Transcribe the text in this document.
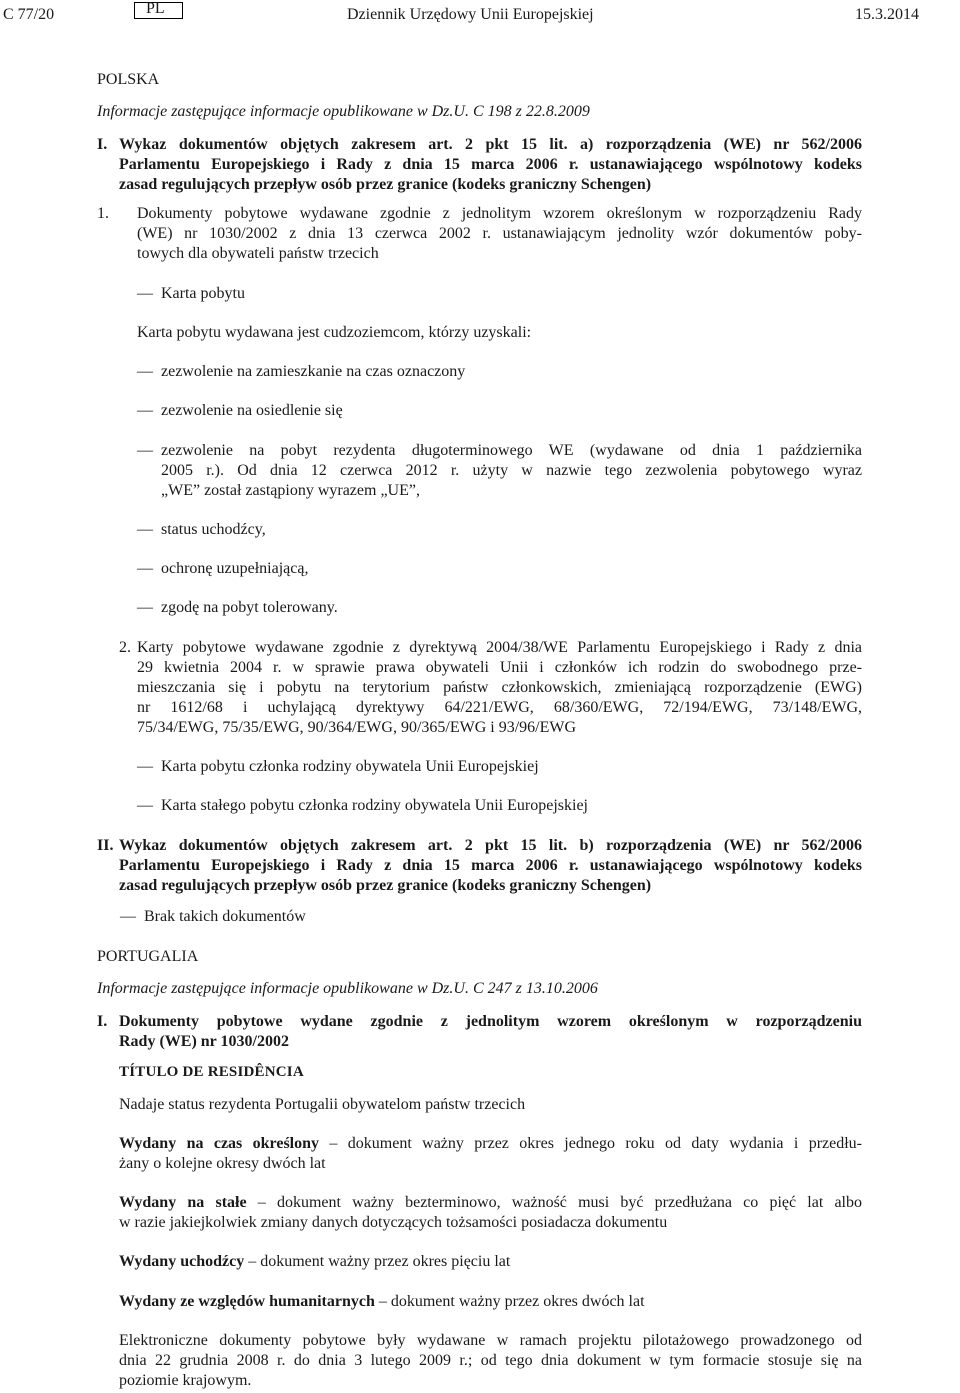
C 77/20	PL	Dziennik Urzędowy Unii Europejskiej	15.3.2014
POLSKA
Informacje zastępujące informacje opublikowane w Dz.U. C 198 z 22.8.2009
I. Wykaz dokumentów objętych zakresem art. 2 pkt 15 lit. a) rozporządzenia (WE) nr 562/2006
Parlamentu Europejskiego i Rady z dnia 15 marca 2006 r. ustanawiającego wspólnotowy kodeks
zasad regulujących przepływ osób przez granice (kodeks graniczny Schengen)
1. Dokumenty pobytowe wydawane zgodnie z jednolitym wzorem określonym w rozporządzeniu Rady
(WE) nr 1030/2002 z dnia 13 czerwca 2002 r. ustanawiającym jednolity wzór dokumentów poby-
towych dla obywateli państw trzecich
— Karta pobytu
Karta pobytu wydawana jest cudzoziemcom, którzy uzyskali:
— zezwolenie na zamieszkanie na czas oznaczony
— zezwolenie na osiedlenie się
— zezwolenie na pobyt rezydenta długoterminowego WE (wydawane od dnia 1 października
2005 r.). Od dnia 12 czerwca 2012 r. użyty w nazwie tego zezwolenia pobytowego wyraz
„WE” został zastąpiony wyrazem „UE”,
— status uchodźcy,
— ochronę uzupełniającą,
— zgodę na pobyt tolerowany.
2. Karty pobytowe wydawane zgodnie z dyrektywą 2004/38/WE Parlamentu Europejskiego i Rady z dnia
29 kwietnia 2004 r. w sprawie prawa obywateli Unii i członków ich rodzin do swobodnego prze-
mieszczania się i pobytu na terytorium państw członkowskich, zmieniającą rozporządzenie (EWG)
nr 1612/68 i uchylającą dyrektywy 64/221/EWG, 68/360/EWG, 72/194/EWG, 73/148/EWG,
75/34/EWG, 75/35/EWG, 90/364/EWG, 90/365/EWG i 93/96/EWG
— Karta pobytu członka rodziny obywatela Unii Europejskiej
— Karta stałego pobytu członka rodziny obywatela Unii Europejskiej
II. Wykaz dokumentów objętych zakresem art. 2 pkt 15 lit. b) rozporządzenia (WE) nr 562/2006
Parlamentu Europejskiego i Rady z dnia 15 marca 2006 r. ustanawiającego wspólnotowy kodeks
zasad regulujących przepływ osób przez granice (kodeks graniczny Schengen)
— Brak takich dokumentów
PORTUGALIA
Informacje zastępujące informacje opublikowane w Dz.U. C 247 z 13.10.2006
I. Dokumenty pobytowe wydane zgodnie z jednolitym wzorem określonym w rozporządzeniu
Rady (WE) nr 1030/2002
TÍTULO DE RESIDÊNCIA
Nadaje status rezydenta Portugalii obywatelom państw trzecich
Wydany na czas określony – dokument ważny przez okres jednego roku od daty wydania i przedłu-
żany o kolejne okresy dwóch lat
Wydany na stałe – dokument ważny bezterminowo, ważność musi być przedłużana co pięć lat albo
w razie jakiejkolwiek zmiany danych dotyczących tożsamości posiadacza dokumentu
Wydany uchodźcy – dokument ważny przez okres pięciu lat
Wydany ze względów humanitarnych – dokument ważny przez okres dwóch lat
Elektroniczne dokumenty pobytowe były wydawane w ramach projektu pilotażowego prowadzonego od
dnia 22 grudnia 2008 r. do dnia 3 lutego 2009 r.; od tego dnia dokument w tym formacie stosuje się na
poziomie krajowym.
